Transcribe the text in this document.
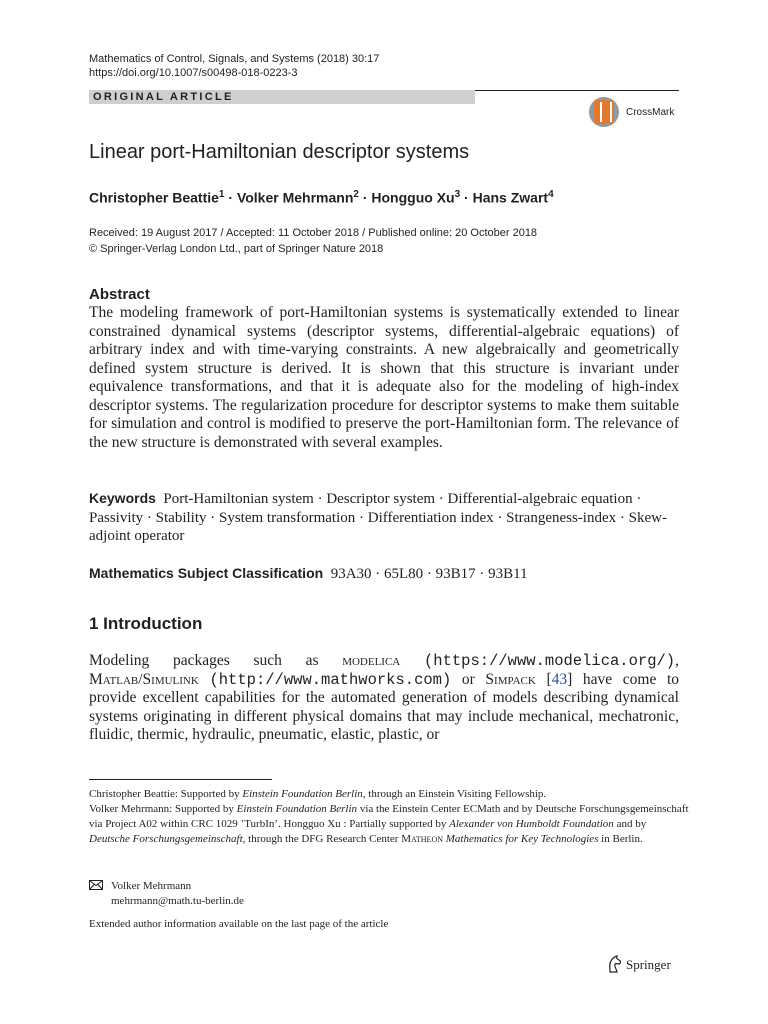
Mathematics of Control, Signals, and Systems (2018) 30:17
https://doi.org/10.1007/s00498-018-0223-3
ORIGINAL ARTICLE
CrossMark
Linear port-Hamiltonian descriptor systems
Christopher Beattie$^1$ · Volker Mehrmann$^2$ · Hongguo $Xu^3$ · Hans Zwart$^4$
Received: 19 August 2017 / Accepted: 11 October 2018 / Published online: 20 October 2018
© Springer-Verlag London Ltd., part of Springer Nature 2018
Abstract
The modeling framework of port-Hamiltonian systems is systematically extended to linear constrained dynamical systems (descriptor systems, differential-algebraic equations) of arbitrary index and with time-varying constraints. A new algebraically and geometrically defined system structure is derived. It is shown that this structure is invariant under equivalence transformations, and that it is adequate also for the modeling of high-index descriptor systems. The regularization procedure for descriptor systems to make them suitable for simulation and control is modified to preserve the port-Hamiltonian form. The relevance of the new structure is demonstrated with several examples.
Keywords Port-Hamiltonian system · Descriptor system · Differential-algebraic equation · Passivity · Stability · System transformation · Differentiation index · Strangeness-index · Skew-adjoint operator
Mathematics Subject Classification 93A30 · 65L80 · 93B17 · 93B11
1 Introduction
Modeling packages such as modelica (https://www.modelica.org/), Matlab/Simulink (http://www.mathworks.com) or Simpack [43] have come to provide excellent capabilities for the automated generation of models describing dynamical systems originating in different physical domains that may include mechanical, mechatronic, fluidic, thermic, hydraulic, pneumatic, elastic, plastic, or
Christopher Beattie: Supported by Einstein Foundation Berlin, through an Einstein Visiting Fellowship.
Volker Mehrmann: Supported by Einstein Foundation Berlin via the Einstein Center ECMath and by Deutsche Forschungsgemeinschaft via Project A02 within CRC 1029 ’TurbIn’. Hongguo Xu : Partially supported by Alexander von Humboldt Foundation and by Deutsche Forschungsgemeinschaft, through the DFG Research Center Matheon Mathematics for Key Technologies in Berlin.
Volker Mehrmann
mehrmann@math.tu-berlin.de
Extended author information available on the last page of the article
Springer
